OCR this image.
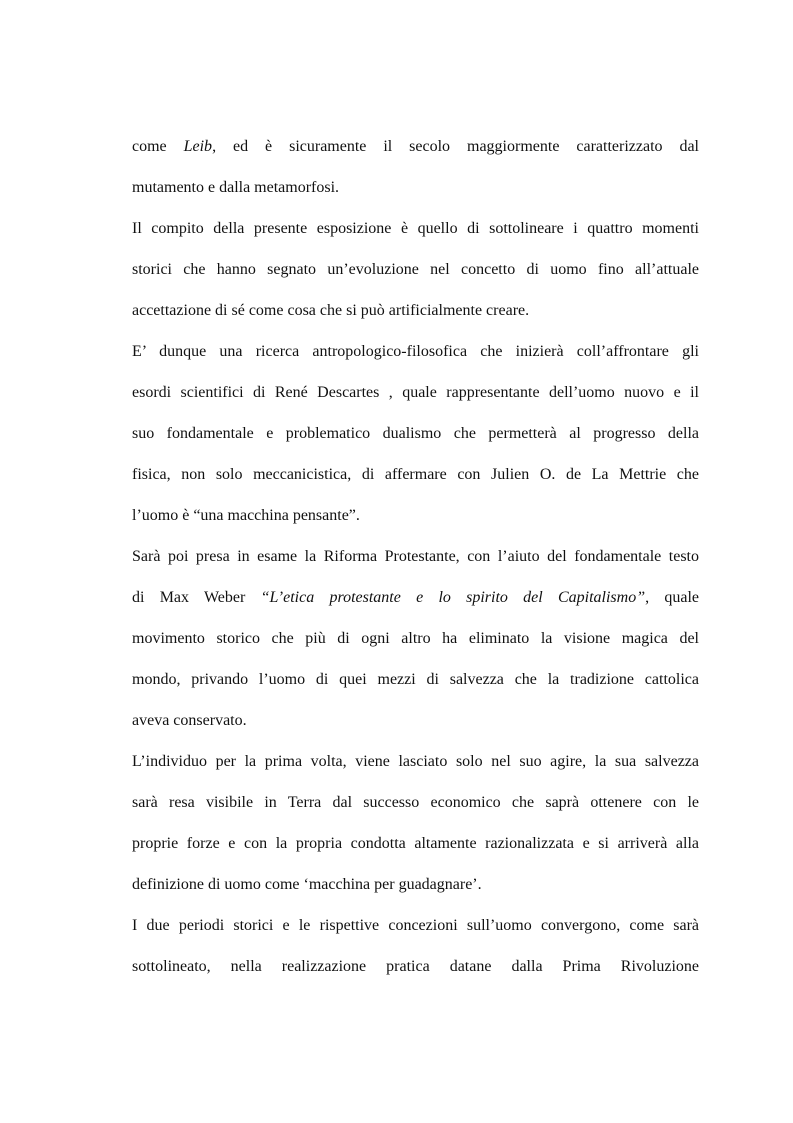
come Leib, ed è sicuramente il secolo maggiormente caratterizzato dal
mutamento e dalla metamorfosi.
Il compito della presente esposizione è quello di sottolineare i quattro momenti
storici che hanno segnato un’evoluzione nel concetto di uomo fino all’attuale
accettazione di sé come cosa che si può artificialmente creare.
E’ dunque una ricerca antropologico-filosofica che inizierà coll’affrontare gli
esordi scientifici di René Descartes , quale rappresentante dell’uomo nuovo e il
suo fondamentale e problematico dualismo che permetterà al progresso della
fisica, non solo meccanicistica, di affermare con Julien O. de La Mettrie che
l’uomo è “una macchina pensante”.
Sarà poi presa in esame la Riforma Protestante, con l’aiuto del fondamentale testo
di Max Weber “L’etica protestante e lo spirito del Capitalismo”, quale
movimento storico che più di ogni altro ha eliminato la visione magica del
mondo, privando l’uomo di quei mezzi di salvezza che la tradizione cattolica
aveva conservato.
L’individuo per la prima volta, viene lasciato solo nel suo agire, la sua salvezza
sarà resa visibile in Terra dal successo economico che saprà ottenere con le
proprie forze e con la propria condotta altamente razionalizzata e si arriverà alla
definizione di uomo come ‘macchina per guadagnare’.
I due periodi storici e le rispettive concezioni sull’uomo convergono, come sarà
sottolineato, nella realizzazione pratica datane dalla Prima Rivoluzione
